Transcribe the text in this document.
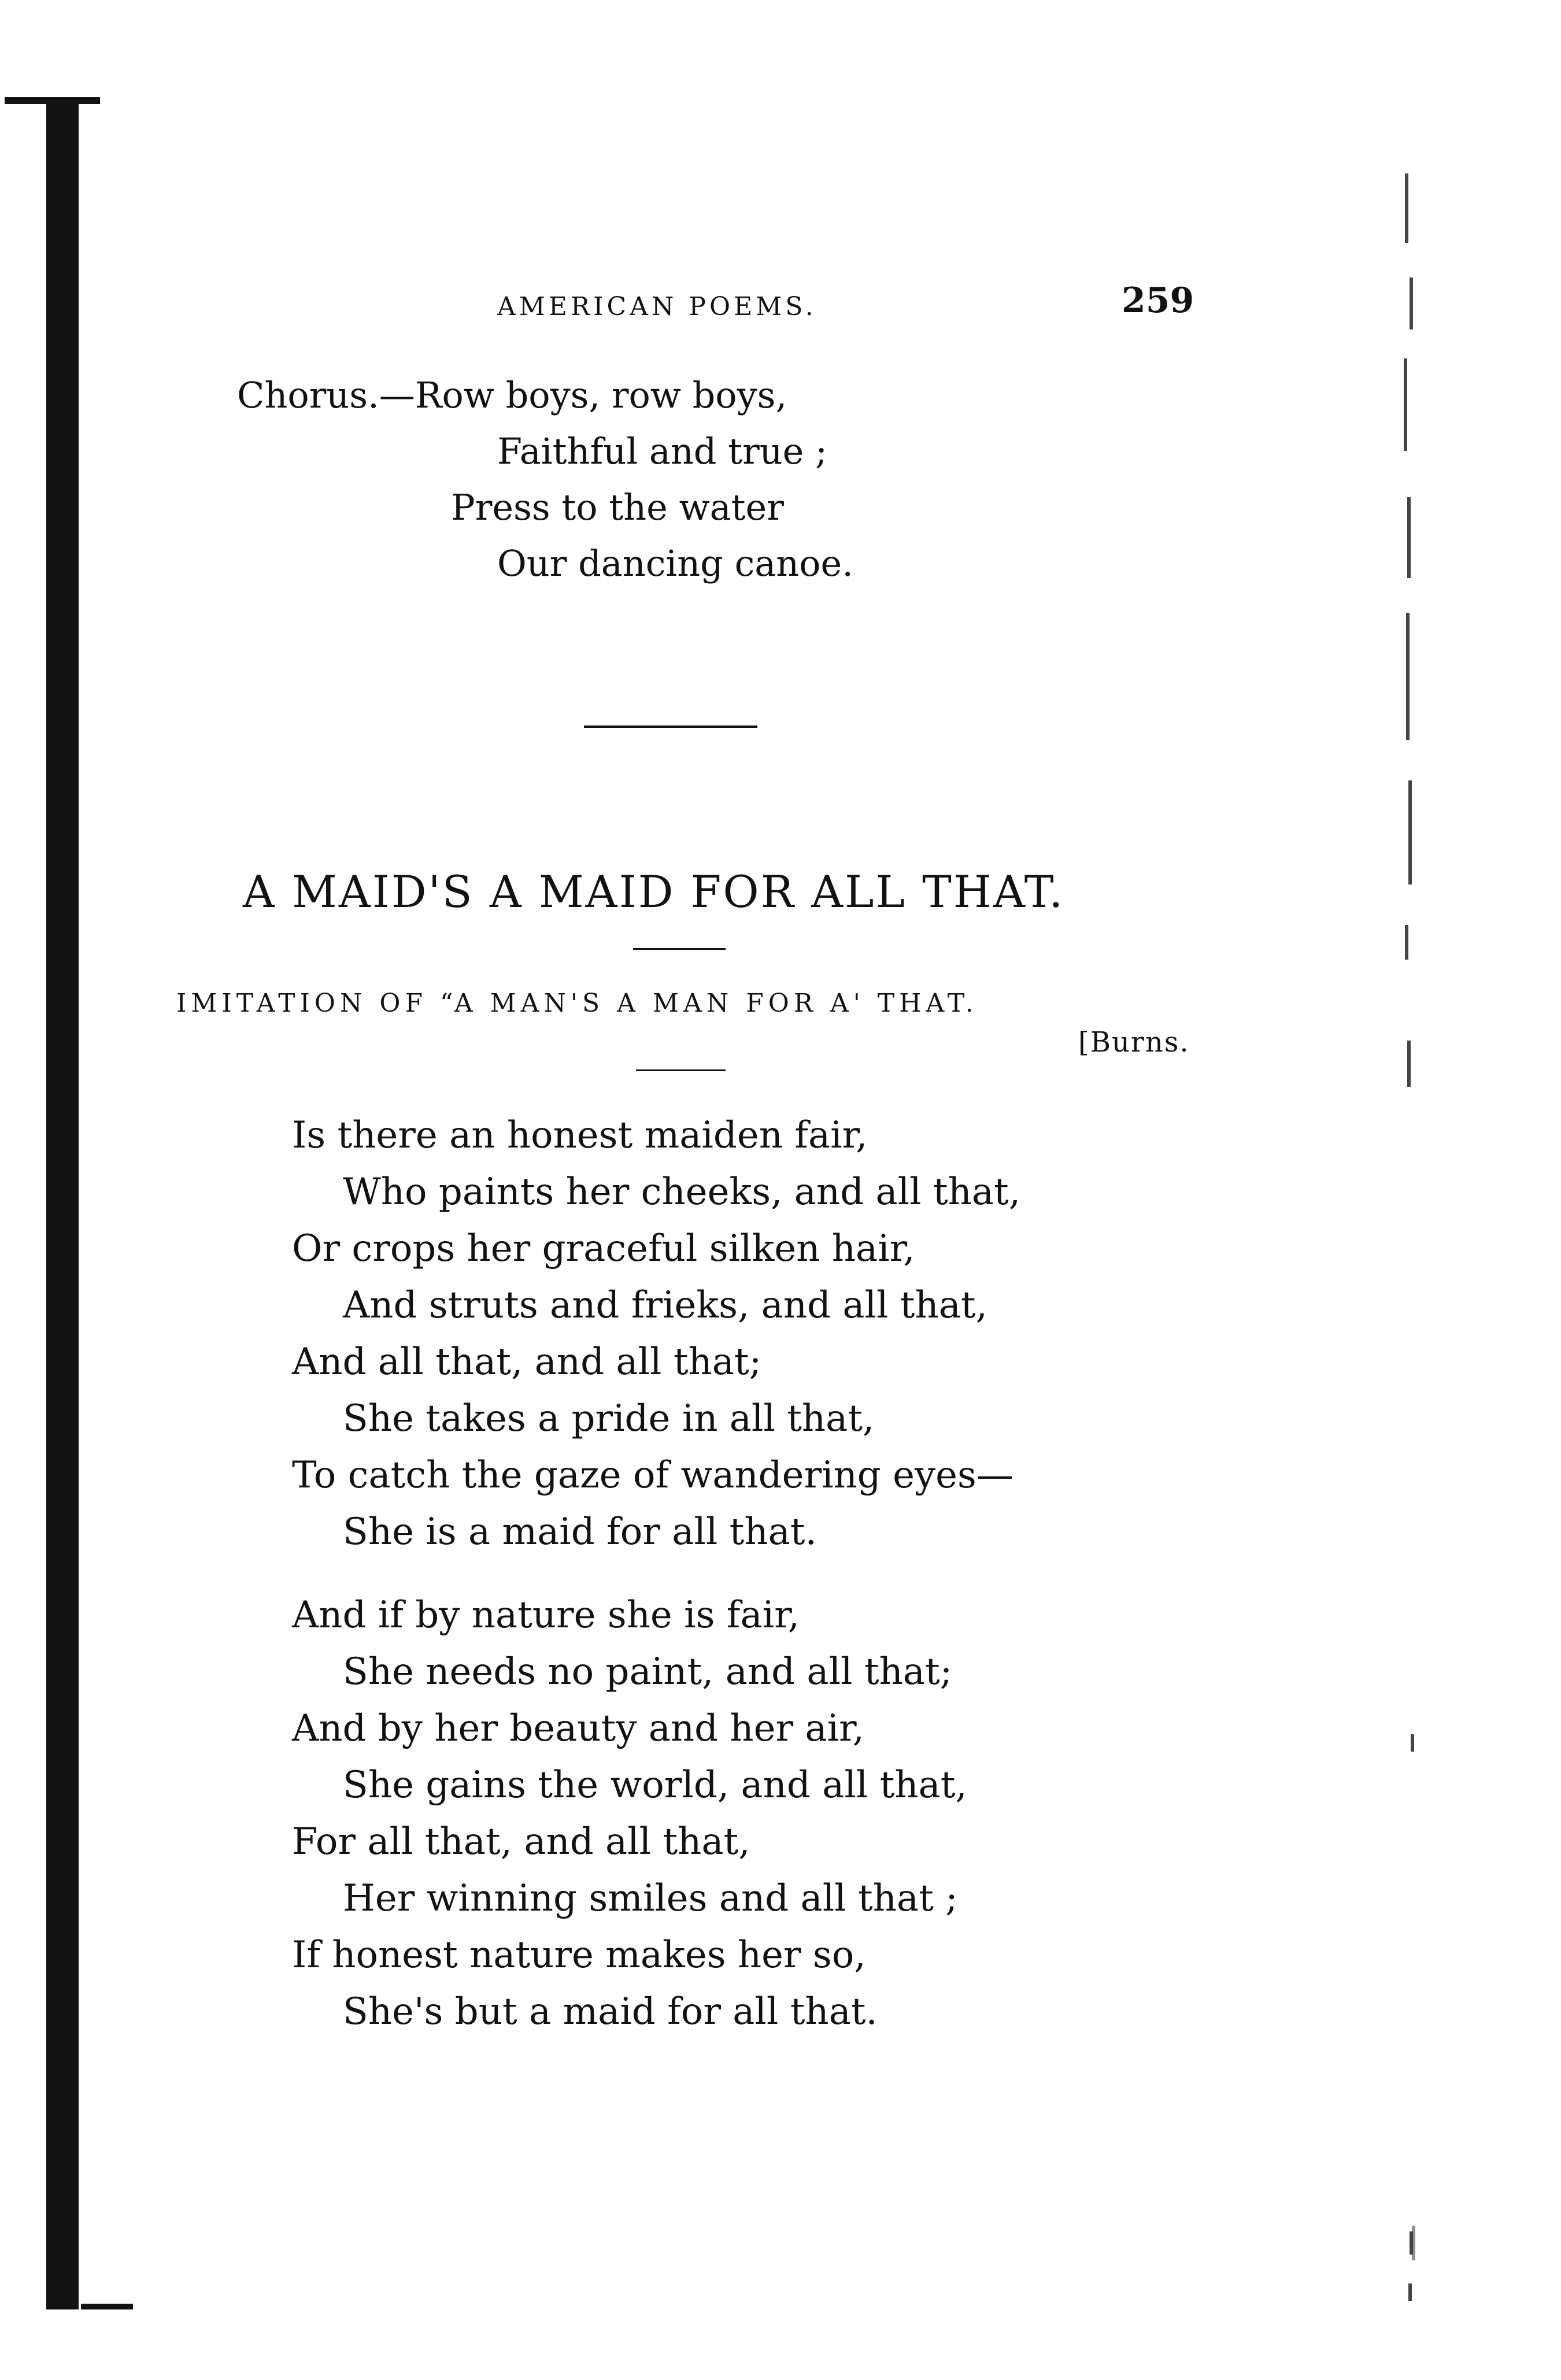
AMERICAN POEMS.	259
Chorus.—Row boys, row boys,
Faithful and true ;
Press to the water
Our dancing canoe.
A MAID'S A MAID FOR ALL THAT.
IMITATION OF “A MAN'S A MAN FOR A' THAT.
[Burns.
Is there an honest maiden fair,
Who paints her cheeks, and all that,
Or crops her graceful silken hair,
And struts and frieks, and all that,
And all that, and all that;
She takes a pride in all that,
To catch the gaze of wandering eyes—
She is a maid for all that.
And if by nature she is fair,
She needs no paint, and all that;
And by her beauty and her air,
She gains the world, and all that,
For all that, and all that,
Her winning smiles and all that ;
If honest nature makes her so,
She's but a maid for all that.
